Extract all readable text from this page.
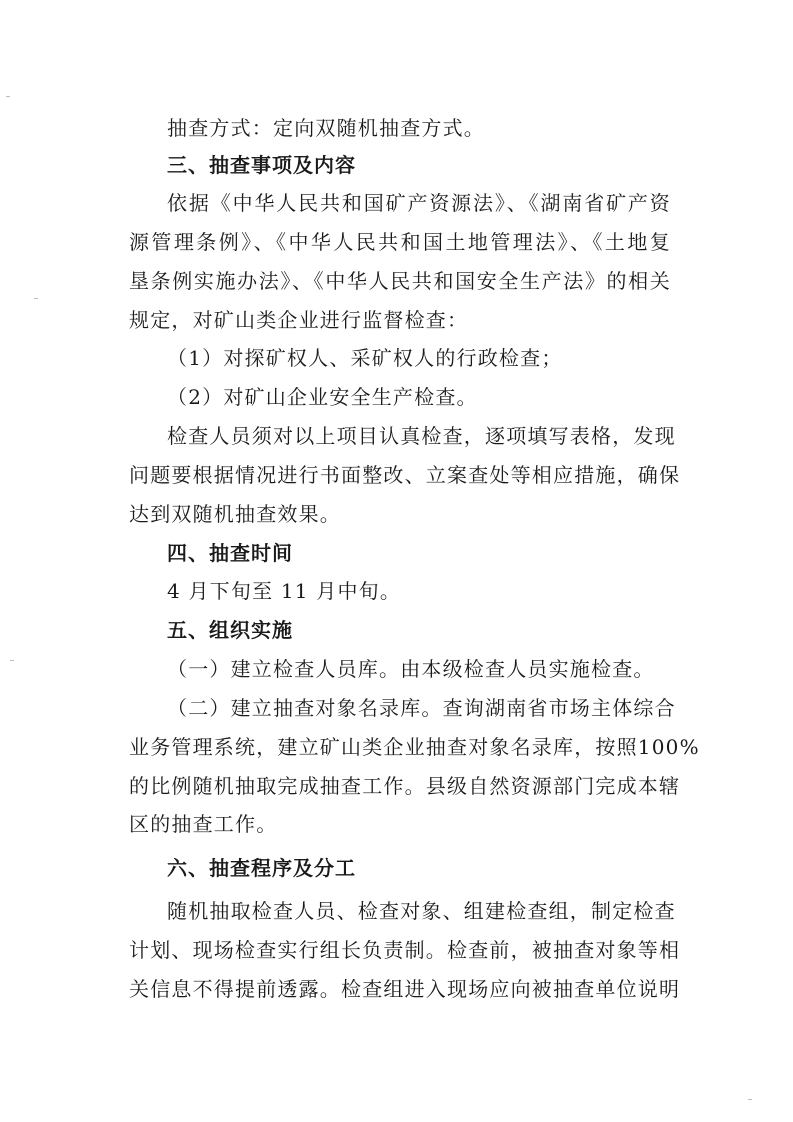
抽查方式：定向双随机抽查方式。
三、抽查事项及内容
依据《中华人民共和国矿产资源法》、《湖南省矿产资
源管理条例》、《中华人民共和国土地管理法》、《土地复
垦条例实施办法》、《中华人民共和国安全生产法》的相关
规定，对矿山类企业进行监督检查：
（1）对探矿权人、采矿权人的行政检查；
（2）对矿山企业安全生产检查。
检查人员须对以上项目认真检查，逐项填写表格，发现
问题要根据情况进行书面整改、立案查处等相应措施，确保
达到双随机抽查效果。
四、抽查时间
4 月下旬至 11 月中旬。
五、组织实施
（一）建立检查人员库。由本级检查人员实施检查。
（二）建立抽查对象名录库。查询湖南省市场主体综合
业务管理系统，建立矿山类企业抽查对象名录库，按照100%
的比例随机抽取完成抽查工作。县级自然资源部门完成本辖
区的抽查工作。
六、抽查程序及分工
随机抽取检查人员、检查对象、组建检查组，制定检查
计划、现场检查实行组长负责制。检查前，被抽查对象等相
关信息不得提前透露。检查组进入现场应向被抽查单位说明
